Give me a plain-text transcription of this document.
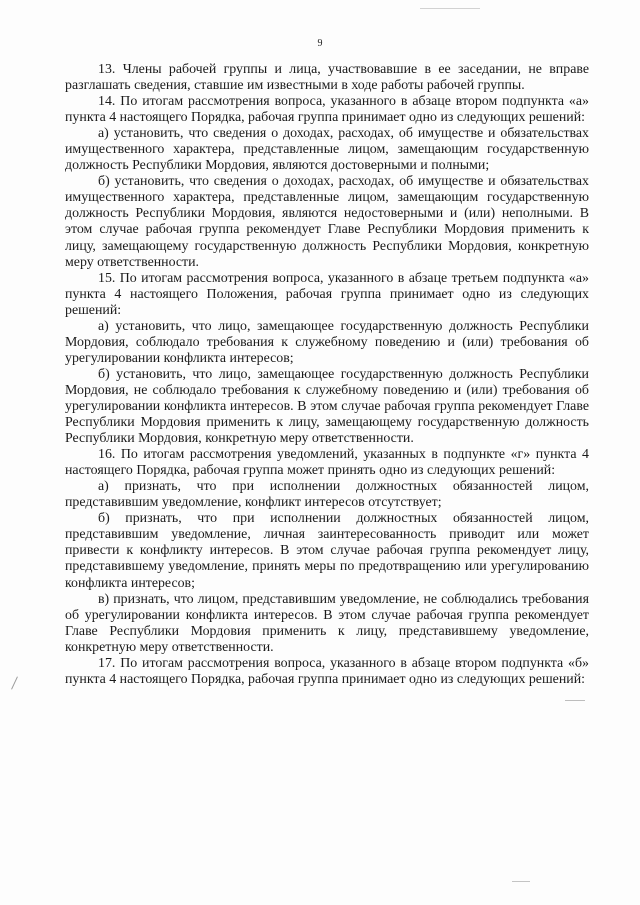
9

13. Члены рабочей группы и лица, участвовавшие в ее заседании, не вправе разглашать сведения, ставшие им известными в ходе работы рабочей группы.

14. По итогам рассмотрения вопроса, указанного в абзаце втором подпункта «а» пункта 4 настоящего Порядка, рабочая группа принимает одно из следующих решений:

а) установить, что сведения о доходах, расходах, об имуществе и обязательствах имущественного характера, представленные лицом, замещающим государственную должность Республики Мордовия, являются достоверными и полными;

б) установить, что сведения о доходах, расходах, об имуществе и обязательствах имущественного характера, представленные лицом, замещающим государственную должность Республики Мордовия, являются недостоверными и (или) неполными. В этом случае рабочая группа рекомендует Главе Республики Мордовия применить к лицу, замещающему государственную должность Республики Мордовия, конкретную меру ответственности.

15. По итогам рассмотрения вопроса, указанного в абзаце третьем подпункта «а» пункта 4 настоящего Положения, рабочая группа принимает одно из следующих решений:

а) установить, что лицо, замещающее государственную должность Республики Мордовия, соблюдало требования к служебному поведению и (или) требования об урегулировании конфликта интересов;

б) установить, что лицо, замещающее государственную должность Республики Мордовия, не соблюдало требования к служебному поведению и (или) требования об урегулировании конфликта интересов. В этом случае рабочая группа рекомендует Главе Республики Мордовия применить к лицу, замещающему государственную должность Республики Мордовия, конкретную меру ответственности.

16. По итогам рассмотрения уведомлений, указанных в подпункте «г» пункта 4 настоящего Порядка, рабочая группа может принять одно из следующих решений:

а) признать, что при исполнении должностных обязанностей лицом, представившим уведомление, конфликт интересов отсутствует;

б) признать, что при исполнении должностных обязанностей лицом, представившим уведомление, личная заинтересованность приводит или может привести к конфликту интересов. В этом случае рабочая группа рекомендует лицу, представившему уведомление, принять меры по предотвращению или урегулированию конфликта интересов;

в) признать, что лицом, представившим уведомление, не соблюдались требования об урегулировании конфликта интересов. В этом случае рабочая группа рекомендует Главе Республики Мордовия применить к лицу, представившему уведомление, конкретную меру ответственности.

17. По итогам рассмотрения вопроса, указанного в абзаце втором подпункта «б» пункта 4 настоящего Порядка, рабочая группа принимает одно из следующих решений:
